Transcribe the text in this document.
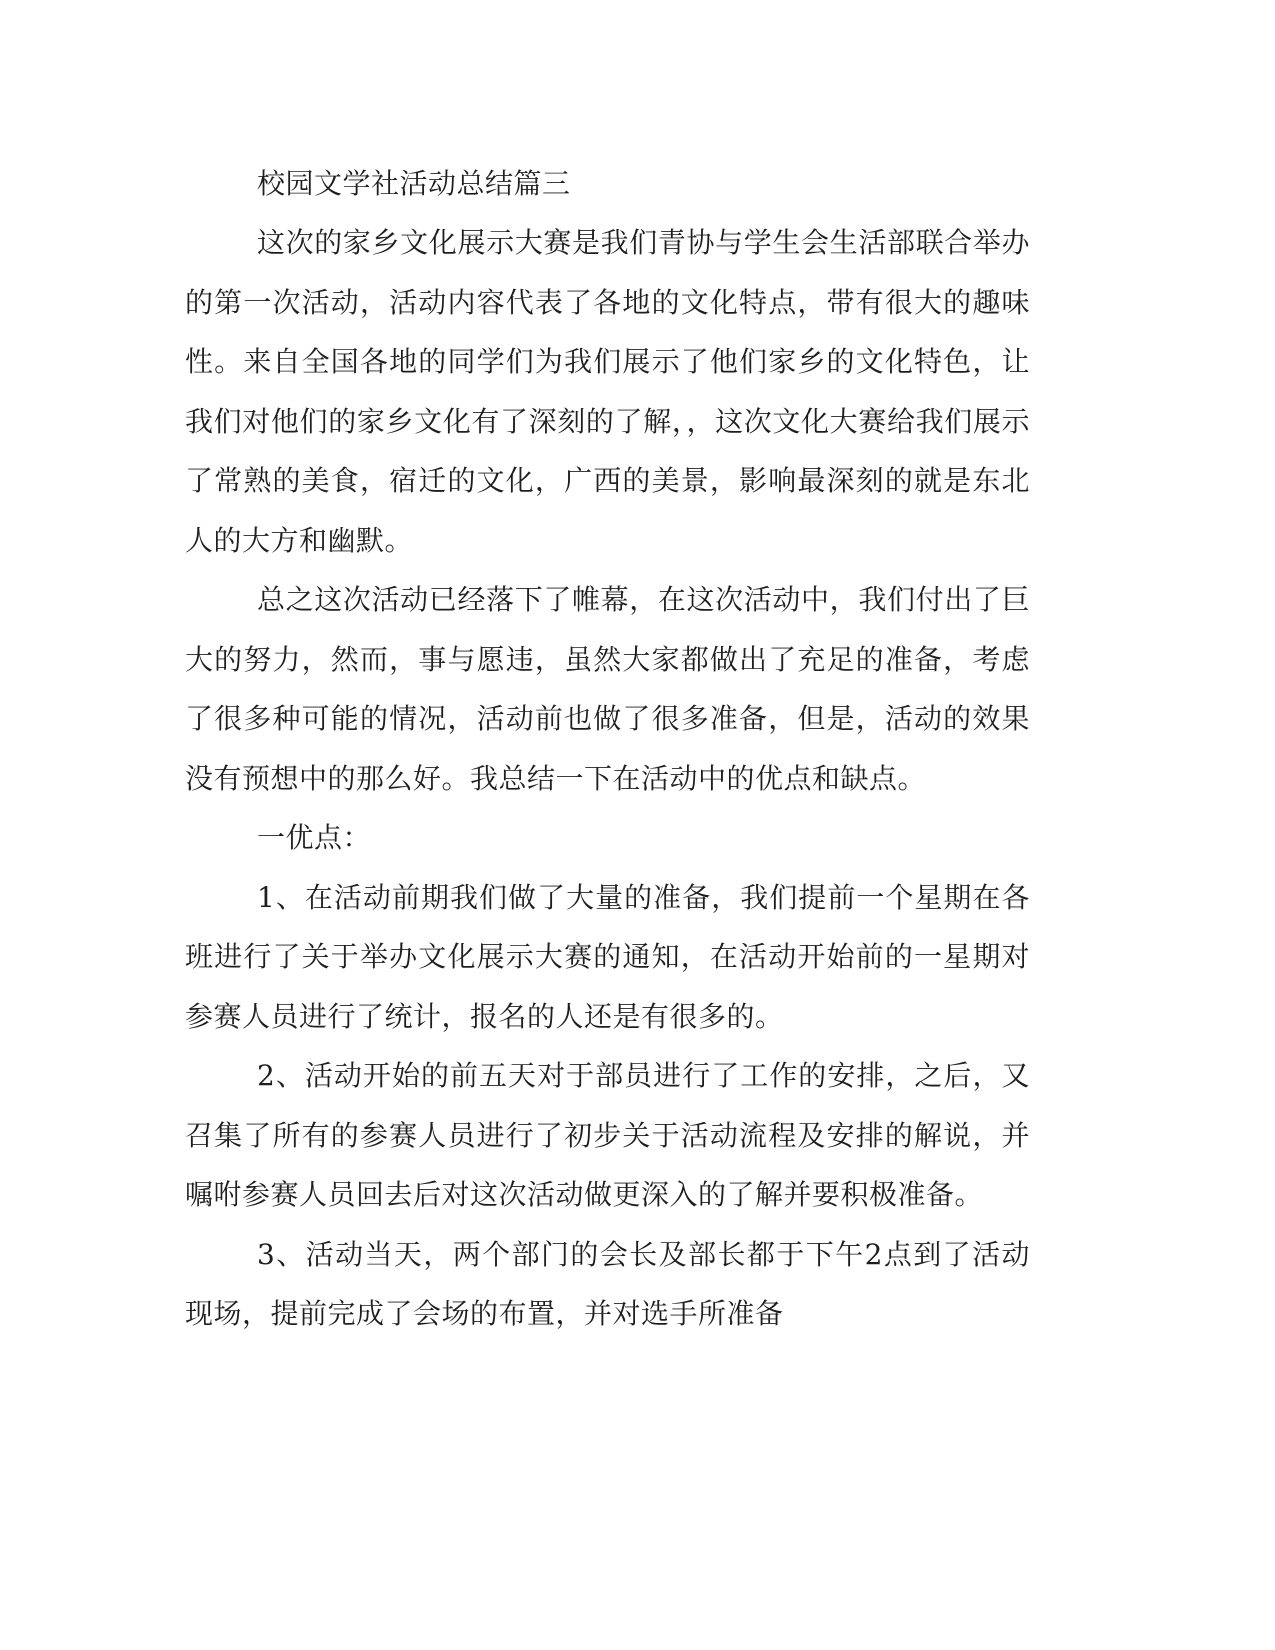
校园文学社活动总结篇三

这次的家乡文化展示大赛是我们青协与学生会生活部联合举办的第一次活动，活动内容代表了各地的文化特点，带有很大的趣味性。来自全国各地的同学们为我们展示了他们家乡的文化特色，让我们对他们的家乡文化有了深刻的了解，，这次文化大赛给我们展示了常熟的美食，宿迁的文化，广西的美景，影响最深刻的就是东北人的大方和幽默。

总之这次活动已经落下了帷幕，在这次活动中，我们付出了巨大的努力，然而，事与愿违，虽然大家都做出了充足的准备，考虑了很多种可能的情况，活动前也做了很多准备，但是，活动的效果没有预想中的那么好。我总结一下在活动中的优点和缺点。

一优点：

1、在活动前期我们做了大量的准备，我们提前一个星期在各班进行了关于举办文化展示大赛的通知，在活动开始前的一星期对参赛人员进行了统计，报名的人还是有很多的。

2、活动开始的前五天对于部员进行了工作的安排，之后，又召集了所有的参赛人员进行了初步关于活动流程及安排的解说，并嘱咐参赛人员回去后对这次活动做更深入的了解并要积极准备。

3、活动当天，两个部门的会长及部长都于下午2点到了活动现场，提前完成了会场的布置，并对选手所准备
